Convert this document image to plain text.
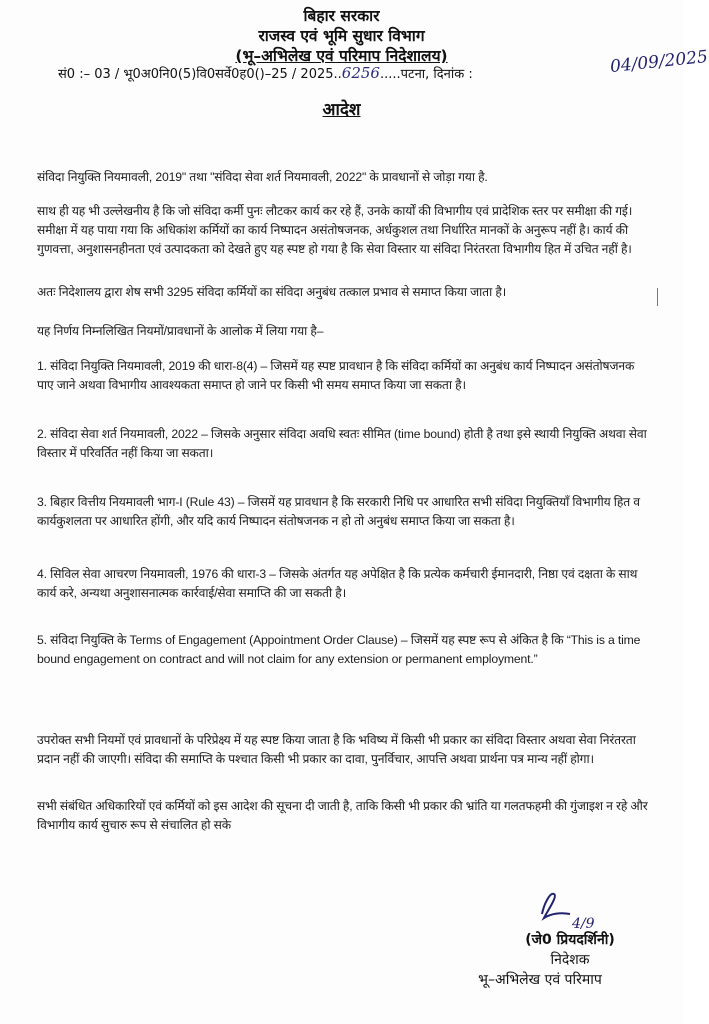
बिहार सरकार
राजस्व एवं भूमि सुधार विभाग
(भू–अभिलेख एवं परिमाप निदेशालय)
सं0 :– 03 / भू0अ0नि0(5)वि0सर्वे0ह0()–25 / 2025..6256.....पटना, दिनांक :	04/09/2025
आदेश
संविदा नियुक्ति नियमावली, 2019" तथा "संविदा सेवा शर्त नियमावली, 2022" के प्रावधानों से जोड़ा गया है.
साथ ही यह भी उल्लेखनीय है कि जो संविदा कर्मी पुनः लौटकर कार्य कर रहे हैं, उनके कार्यों की विभागीय एवं प्रादेशिक स्तर पर समीक्षा की गई। समीक्षा में यह पाया गया कि अधिकांश कर्मियों का कार्य निष्पादन असंतोषजनक, अर्धकुशल तथा निर्धारित मानकों के अनुरूप नहीं है। कार्य की गुणवत्ता, अनुशासनहीनता एवं उत्पादकता को देखते हुए यह स्पष्ट हो गया है कि सेवा विस्तार या संविदा निरंतरता विभागीय हित में उचित नहीं है।
अतः निदेशालय द्वारा शेष सभी 3295 संविदा कर्मियों का संविदा अनुबंध तत्काल प्रभाव से समाप्त किया जाता है।
यह निर्णय निम्नलिखित नियमों/प्रावधानों के आलोक में लिया गया है–
1. संविदा नियुक्ति नियमावली, 2019 की धारा-8(4) – जिसमें यह स्पष्ट प्रावधान है कि संविदा कर्मियों का अनुबंध कार्य निष्पादन असंतोषजनक पाए जाने अथवा विभागीय आवश्यकता समाप्त हो जाने पर किसी भी समय समाप्त किया जा सकता है।
2. संविदा सेवा शर्त नियमावली, 2022 – जिसके अनुसार संविदा अवधि स्वतः सीमित (time bound) होती है तथा इसे स्थायी नियुक्ति अथवा सेवा विस्तार में परिवर्तित नहीं किया जा सकता।
3. बिहार वित्तीय नियमावली भाग-I (Rule 43) – जिसमें यह प्रावधान है कि सरकारी निधि पर आधारित सभी संविदा नियुक्तियाँ विभागीय हित व कार्यकुशलता पर आधारित होंगी, और यदि कार्य निष्पादन संतोषजनक न हो तो अनुबंध समाप्त किया जा सकता है।
4. सिविल सेवा आचरण नियमावली, 1976 की धारा-3 – जिसके अंतर्गत यह अपेक्षित है कि प्रत्येक कर्मचारी ईमानदारी, निष्ठा एवं दक्षता के साथ कार्य करे, अन्यथा अनुशासनात्मक कार्रवाई/सेवा समाप्ति की जा सकती है।
5. संविदा नियुक्ति के Terms of Engagement (Appointment Order Clause) – जिसमें यह स्पष्ट रूप से अंकित है कि “This is a time bound engagement on contract and will not claim for any extension or permanent employment.”
उपरोक्त सभी नियमों एवं प्रावधानों के परिप्रेक्ष्य में यह स्पष्ट किया जाता है कि भविष्य में किसी भी प्रकार का संविदा विस्तार अथवा सेवा निरंतरता प्रदान नहीं की जाएगी। संविदा की समाप्ति के पश्चात किसी भी प्रकार का दावा, पुनर्विचार, आपत्ति अथवा प्रार्थना पत्र मान्य नहीं होगा।
सभी संबंधित अधिकारियों एवं कर्मियों को इस आदेश की सूचना दी जाती है, ताकि किसी भी प्रकार की भ्रांति या गलतफहमी की गुंजाइश न रहे और विभागीय कार्य सुचारु रूप से संचालित हो सके
4/9
(जे0 प्रियदर्शिनी)
निदेशक
भू–अभिलेख एवं परिमाप
